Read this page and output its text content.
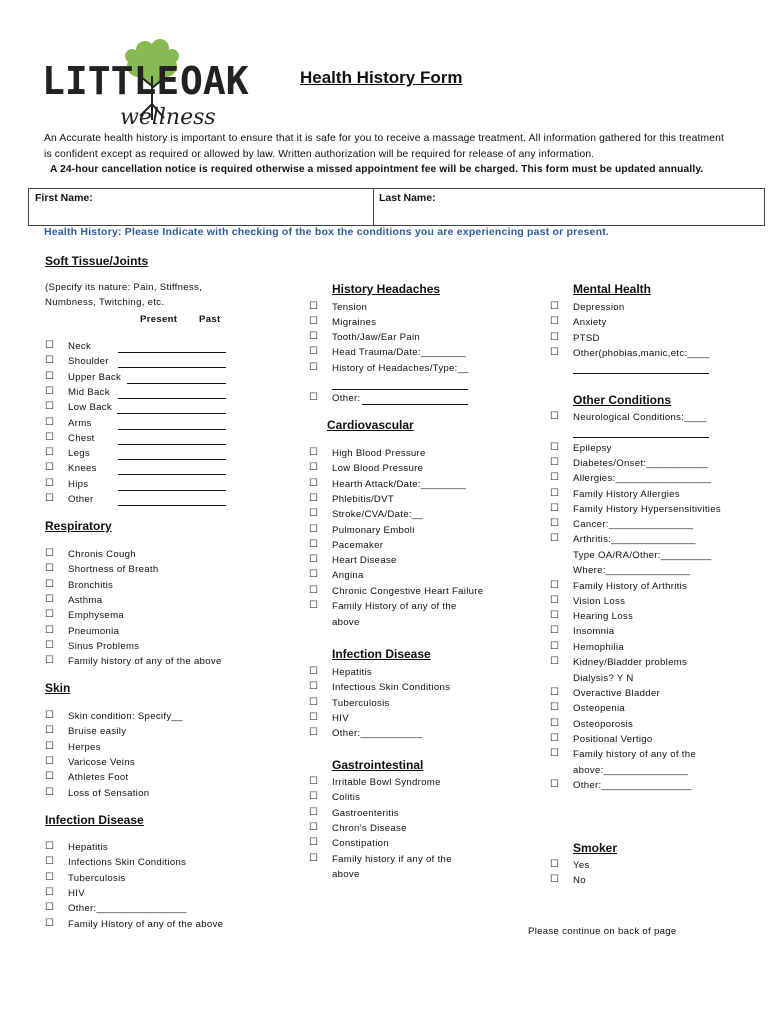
LITTLE OAK
wellness
Health History Form
An Accurate health history is important to ensure that it is safe for you to receive a massage treatment. All information gathered for this treatment is confident except as required or allowed by law. Written authorization will be required for release of any information.
A 24-hour cancellation notice is required otherwise a missed appointment fee will be charged. This form must be updated annually.
First Name:	Last Name:
Health History: Please Indicate with checking of the box the conditions you are experiencing past or present.
Soft Tissue/Joints
(Specify its nature: Pain, Stiffness,
Numbness, Twitching, etc.
Present Past
☐ Neck
☐ Shoulder
☐ Upper Back
☐ Mid Back
☐ Low Back
☐ Arms
☐ Chest
☐ Legs
☐ Knees
☐ Hips
☐ Other
Respiratory
☐ Chronis Cough
☐ Shortness of Breath
☐ Bronchitis
☐ Asthma
☐ Emphysema
☐ Pneumonia
☐ Sinus Problems
☐ Family history of any of the above
Skin
☐ Skin condition: Specify__
☐ Bruise easily
☐ Herpes
☐ Varicose Veins
☐ Athletes Foot
☐ Loss of Sensation
Infection Disease
☐ Hepatitis
☐ Infections Skin Conditions
☐ Tuberculosis
☐ HIV
☐ Other:________________
☐ Family History of any of the above
History Headaches
☐ Tension
☐ Migraines
☐ Tooth/Jaw/Ear Pain
☐ Head Trauma/Date:________
☐ History of Headaches/Type:__
☐ Other:
Cardiovascular
☐ High Blood Pressure
☐ Low Blood Pressure
☐ Hearth Attack/Date:________
☐ Phlebitis/DVT
☐ Stroke/CVA/Date:__
☐ Pulmonary Emboli
☐ Pacemaker
☐ Heart Disease
☐ Angina
☐ Chronic Congestive Heart Failure
☐ Family History of any of the
above
Infection Disease
☐ Hepatitis
☐ Infectious Skin Conditions
☐ Tuberculosis
☐ HIV
☐ Other:___________
Gastrointestinal
☐ Irritable Bowl Syndrome
☐ Colitis
☐ Gastroenteritis
☐ Chron’s Disease
☐ Constipation
☐ Family history if any of the
above
Mental Health
☐ Depression
☐ Anxiety
☐ PTSD
☐ Other(phobias,manic,etc:____
Other Conditions
☐ Neurological Conditions:____
☐ Epilepsy
☐ Diabetes/Onset:___________
☐ Allergies:_________________
☐ Family History Allergies
☐ Family History Hypersensitivities
☐ Cancer:_______________
☐ Arthritis:_______________
☐ Family History of Arthritis
☐ Vision Loss
☐ Hearing Loss
☐ Insomnia
☐ Hemophilia
☐ Kidney/Bladder problems
☐ Overactive Bladder
☐ Osteopenia
☐ Osteoporosis
☐ Positional Vertigo
☐ Family history of any of the
☐ Other:________________
Type OA/RA/Other:_________
Where:_______________
Dialysis? Y N
above:_______________
Smoker
☐ Yes
☐ No
Please continue on back of page
